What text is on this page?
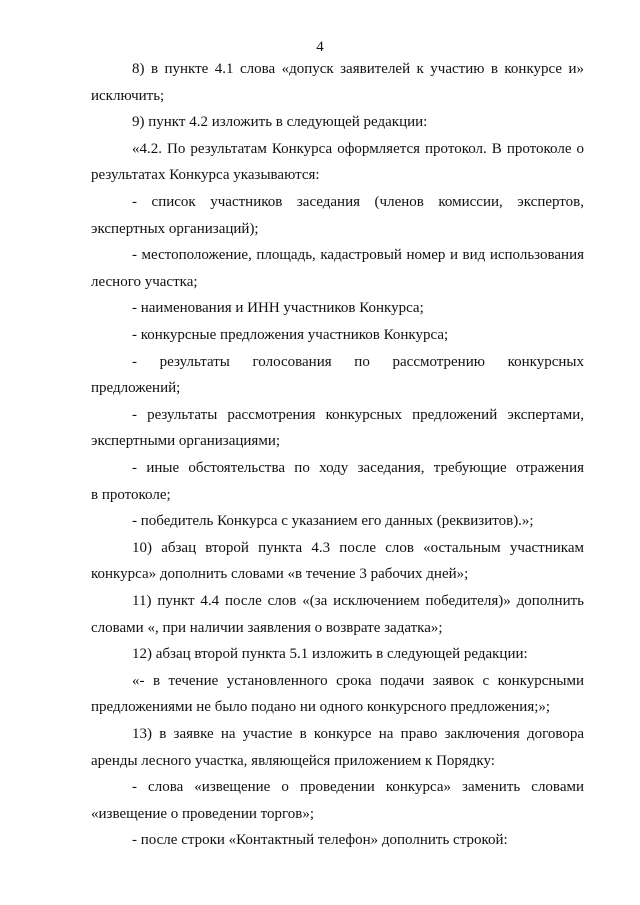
4
8) в пункте 4.1 слова «допуск заявителей к участию в конкурсе и»
исключить;
9) пункт 4.2 изложить в следующей редакции:
«4.2. По результатам Конкурса оформляется протокол. В протоколе о
результатах Конкурса указываются:
- список участников заседания (членов комиссии, экспертов,
экспертных организаций);
- местоположение, площадь, кадастровый номер и вид использования
лесного участка;
- наименования и ИНН участников Конкурса;
- конкурсные предложения участников Конкурса;
- результаты голосования по рассмотрению конкурсных
предложений;
- результаты рассмотрения конкурсных предложений экспертами,
экспертными организациями;
- иные обстоятельства по ходу заседания, требующие отражения
в протоколе;
- победитель Конкурса с указанием его данных (реквизитов).»;
10) абзац второй пункта 4.3 после слов «остальным участникам
конкурса» дополнить словами «в течение 3 рабочих дней»;
11) пункт 4.4 после слов «(за исключением победителя)» дополнить
словами «, при наличии заявления о возврате задатка»;
12) абзац второй пункта 5.1 изложить в следующей редакции:
«- в течение установленного срока подачи заявок с конкурсными
предложениями не было подано ни одного конкурсного предложения;»;
13) в заявке на участие в конкурсе на право заключения договора
аренды лесного участка, являющейся приложением к Порядку:
- слова «извещение о проведении конкурса» заменить словами
«извещение о проведении торгов»;
- после строки «Контактный телефон» дополнить строкой:
